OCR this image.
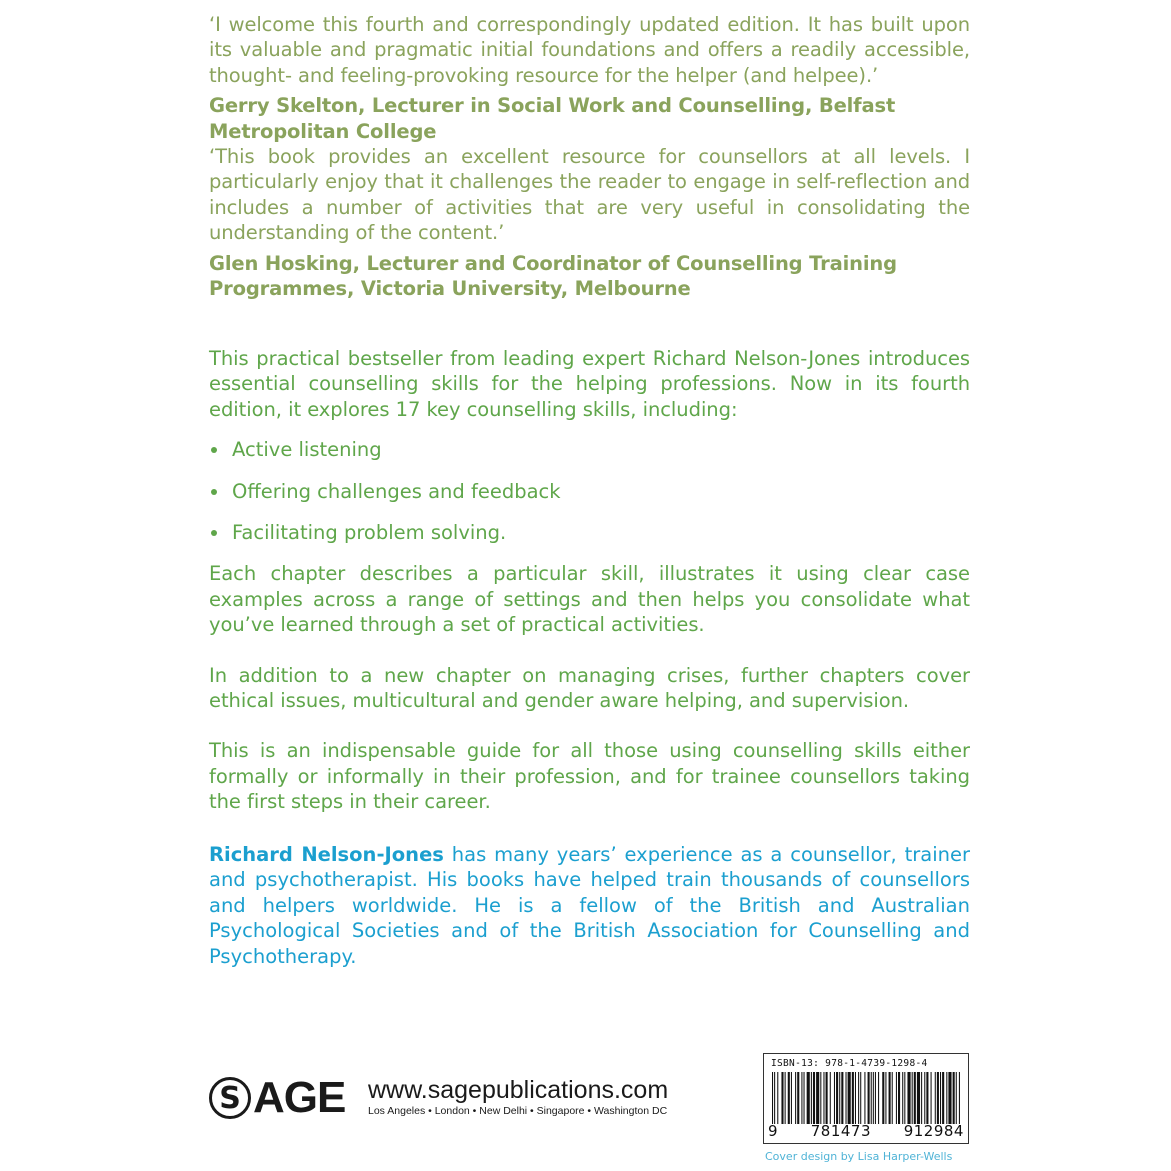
‘I welcome this fourth and correspondingly updated edition. It has built upon its valuable and pragmatic initial foundations and offers a readily accessible, thought- and feeling-provoking resource for the helper (and helpee).’

Gerry Skelton, Lecturer in Social Work and Counselling, Belfast Metropolitan College

‘This book provides an excellent resource for counsellors at all levels. I particularly enjoy that it challenges the reader to engage in self-reflection and includes a number of activities that are very useful in consolidating the understanding of the content.’

Glen Hosking, Lecturer and Coordinator of Counselling Training Programmes, Victoria University, Melbourne

This practical bestseller from leading expert Richard Nelson-Jones introduces essential counselling skills for the helping professions. Now in its fourth edition, it explores 17 key counselling skills, including:

Active listening
Offering challenges and feedback
Facilitating problem solving.

Each chapter describes a particular skill, illustrates it using clear case examples across a range of settings and then helps you consolidate what you’ve learned through a set of practical activities.

In addition to a new chapter on managing crises, further chapters cover ethical issues, multicultural and gender aware helping, and supervision.

This is an indispensable guide for all those using counselling skills either formally or informally in their profession, and for trainee counsellors taking the first steps in their career.

Richard Nelson-Jones has many years’ experience as a counsellor, trainer and psychotherapist. His books have helped train thousands of counsellors and helpers worldwide. He is a fellow of the British and Australian Psychological Societies and of the British Association for Counselling and Psychotherapy.

S AGE www.sagepublications.com
Los Angeles • London • New Delhi • Singapore • Washington DC
ISBN-13: 978-1-4739-1298-4
9 781473 912984
Cover design by Lisa Harper-Wells
